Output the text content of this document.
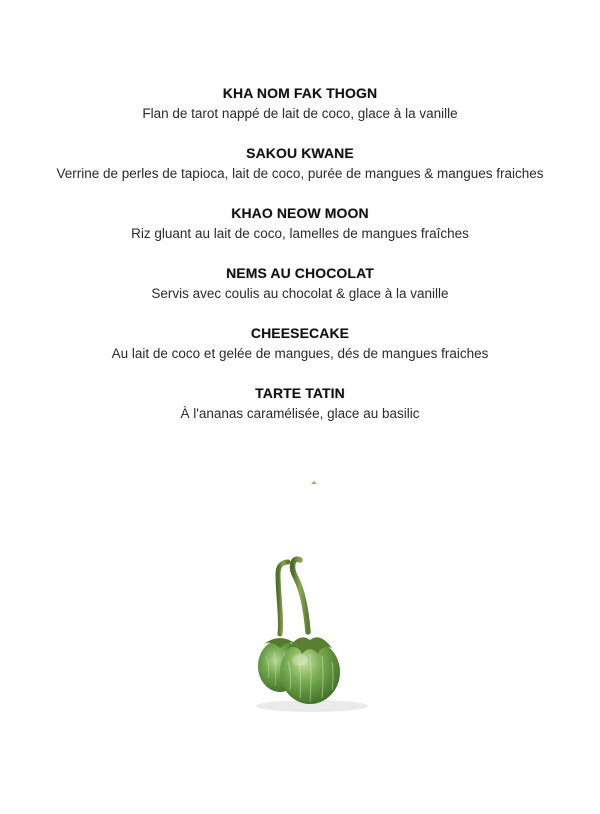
KHA NOM FAK THOGN
Flan de tarot nappé de lait de coco, glace à la vanille
SAKOU KWANE
Verrine de perles de tapioca, lait de coco, purée de mangues & mangues fraiches
KHAO NEOW MOON
Riz gluant au lait de coco, lamelles de mangues fraîches
NEMS AU CHOCOLAT
Servis avec coulis au chocolat & glace à la vanille
CHEESECAKE
Au lait de coco et gelée de mangues, dés de mangues fraiches
TARTE TATIN
À l'ananas caramélisée, glace au basilic
